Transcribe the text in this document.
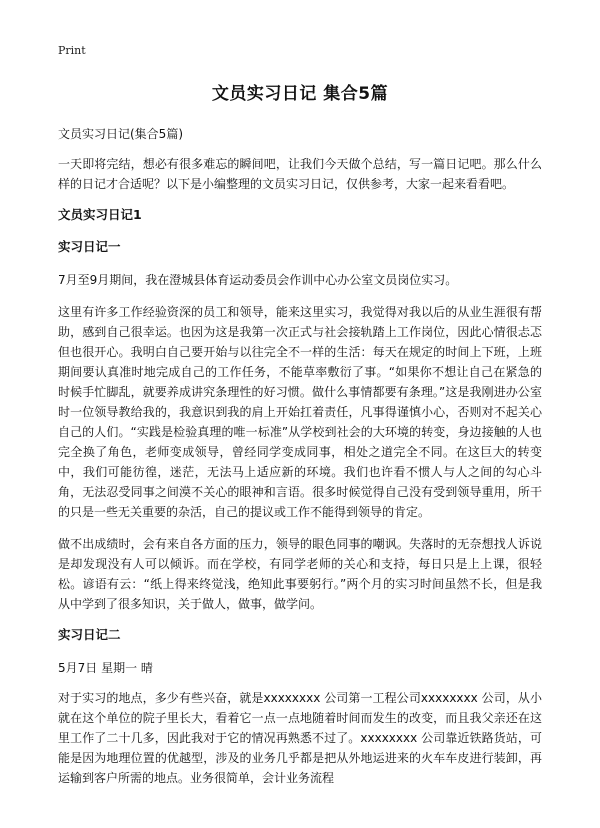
Print
文员实习日记 集合5篇

文员实习日记(集合5篇)

一天即将完结，想必有很多难忘的瞬间吧，让我们今天做个总结，写一篇日记吧。那么什么样的日记才合适呢？以下是小编整理的文员实习日记，仅供参考，大家一起来看看吧。

文员实习日记1
实习日记一

7月至9月期间，我在澄城县体育运动委员会作训中心办公室文员岗位实习。

这里有许多工作经验资深的员工和领导，能来这里实习，我觉得对我以后的从业生涯很有帮助，感到自己很幸运。也因为这是我第一次正式与社会接轨踏上工作岗位，因此心情很忐忑但也很开心。我明白自己要开始与以往完全不一样的生活：每天在规定的时间上下班，上班期间要认真准时地完成自己的工作任务，不能草率敷衍了事。“如果你不想让自己在紧急的时候手忙脚乱，就要养成讲究条理性的好习惯。做什么事情都要有条理。”这是我刚进办公室时一位领导教给我的，我意识到我的肩上开始扛着责任，凡事得谨慎小心，否则对不起关心自己的人们。“实践是检验真理的唯一标准”从学校到社会的大环境的转变，身边接触的人也完全换了角色，老师变成领导，曾经同学变成同事，相处之道完全不同。在这巨大的转变中，我们可能彷徨，迷茫，无法马上适应新的环境。我们也许看不惯人与人之间的勾心斗角，无法忍受同事之间漠不关心的眼神和言语。很多时候觉得自己没有受到领导重用，所干的只是一些无关重要的杂活，自己的提议或工作不能得到领导的肯定。

做不出成绩时，会有来自各方面的压力，领导的眼色同事的嘲讽。失落时的无奈想找人诉说是却发现没有人可以倾诉。而在学校，有同学老师的关心和支持，每日只是上上课，很轻松。谚语有云：“纸上得来终觉浅，绝知此事要躬行。”两个月的实习时间虽然不长，但是我从中学到了很多知识，关于做人，做事，做学问。

实习日记二

5月7日 星期一 晴

对于实习的地点，多少有些兴奋，就是xxxxxxxx 公司第一工程公司xxxxxxxx 公司，从小就在这个单位的院子里长大，看着它一点一点地随着时间而发生的改变，而且我父亲还在这里工作了二十几多，因此我对于它的情况再熟悉不过了。xxxxxxxx 公司靠近铁路货站，可能是因为地理位置的优越型，涉及的业务几乎都是把从外地运进来的火车车皮进行装卸，再运输到客户所需的地点。业务很简单，会计业务流程
